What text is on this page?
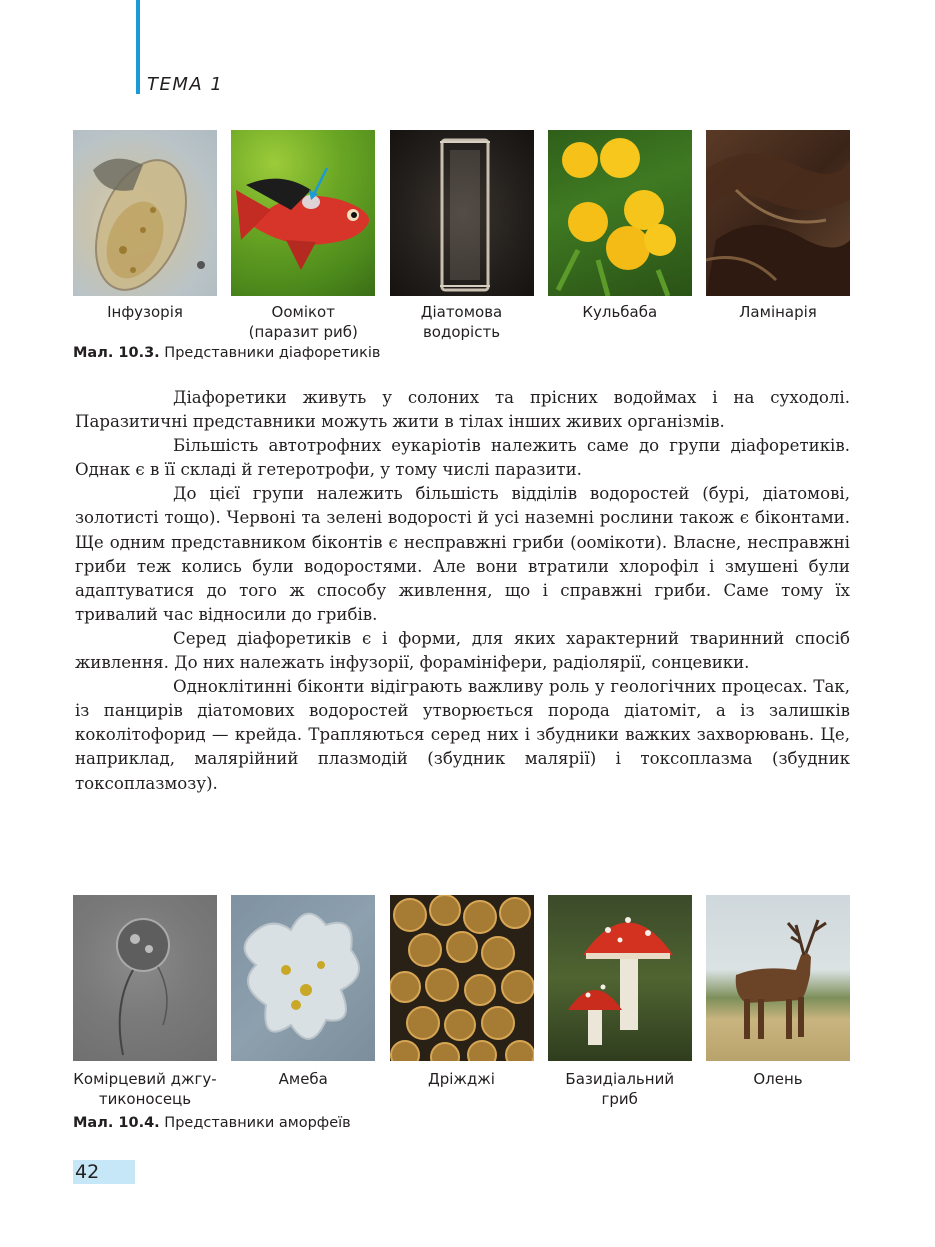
ТЕМА 1
Інфузорія	Оомікот
(паразит риб)
Діатомова
водорість
Кульбаба	Ламінарія
Мал. 10.3. Представники діафоретиків

Діафоретики живуть у солоних та прісних водоймах і на суходолі. Паразитичні представники можуть жити в тілах інших живих організмів.

Більшість автотрофних еукаріотів належить саме до групи діафоретиків. Однак є в її складі й гетеротрофи, у тому числі паразити.

До цієї групи належить більшість відділів водоростей (бурі, діатомові, золотисті тощо). Червоні та зелені водорості й усі наземні рослини також є біконтами. Ще одним представником біконтів є несправжні гриби (оомікоти). Власне, несправжні гриби теж колись були водоростями. Але вони втратили хлорофіл і змушені були адаптуватися до того ж способу живлення, що і справжні гриби. Саме тому їх тривалий час відносили до грибів.

Серед діафоретиків є і форми, для яких характерний тваринний спосіб живлення. До них належать інфузорії, форамініфери, радіолярії, сонцевики.

Одноклітинні біконти відіграють важливу роль у геологічних процесах. Так, із панцирів діатомових водоростей утворюється порода діатоміт, а із залишків коколітофорид — крейда. Трапляються серед них і збудники важких захворювань. Це, наприклад, малярійний плазмодій (збудник малярії) і токсоплазма (збудник токсоплазмозу).

Комірцевий джгу-
тиконосець
Амеба	Дріжджі	Базидіальний
гриб
Олень
Мал. 10.4. Представники аморфеїв
42
